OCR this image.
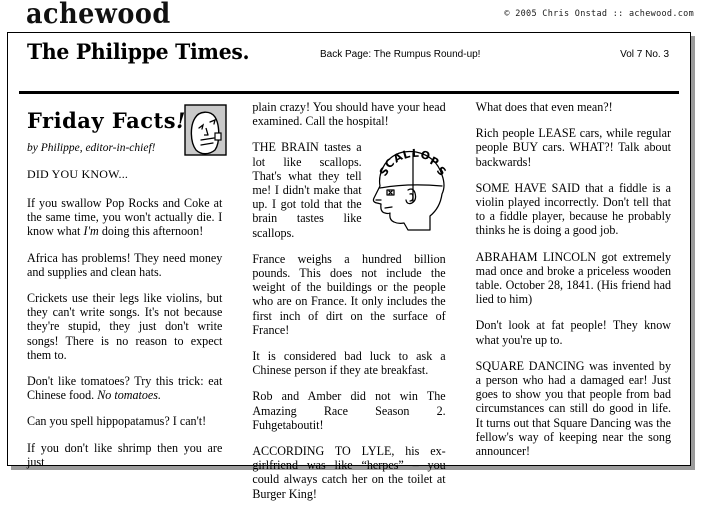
achewood	© 2005 Chris Onstad :: achewood.com
The Philippe Times.	Back Page: The Rumpus Round-up!	Vol 7 No. 3
Friday Facts!
by Philippe, editor-in-chief!
DID YOU KNOW...

If you swallow Pop Rocks and Coke at the same time, you won't actually die. I know what I'm doing this afternoon!

Africa has problems! They need money and supplies and clean hats.

Crickets use their legs like violins, but they can't write songs. It's not because they're stupid, they just don't write songs! There is no reason to expect them to.

Don't like tomatoes? Try this trick: eat Chinese food. No tomatoes.

Can you spell hippopatamus? I can't!

If you don't like shrimp then you are just

plain crazy! You should have your head examined. Call the hospital!

S
C
A
L L O
P
S

THE BRAIN tastes a lot like scallops. That's what they tell me! I didn't make that up. I got told that the brain tastes like scallops.

France weighs a hundred billion pounds. This does not include the weight of the buildings or the people who are on France. It only includes the first inch of dirt on the surface of France!

It is considered bad luck to ask a Chinese person if they ate breakfast.

Rob and Amber did not win The Amazing Race Season 2. Fuhgetaboutit!

ACCORDING TO LYLE, his ex-girlfriend was like “herpes” – you could always catch her on the toilet at Burger King!

What does that even mean?!

Rich people LEASE cars, while regular people BUY cars. WHAT?! Talk about backwards!

SOME HAVE SAID that a fiddle is a violin played incorrectly. Don't tell that to a fiddle player, because he probably thinks he is doing a good job.

ABRAHAM LINCOLN got extremely mad once and broke a priceless wooden table. October 28, 1841. (His friend had lied to him)

Don't look at fat people! They know what you're up to.

SQUARE DANCING was invented by a person who had a damaged ear! Just goes to show you that people from bad circumstances can still do good in life. It turns out that Square Dancing was the fellow's way of keeping near the song announcer!
